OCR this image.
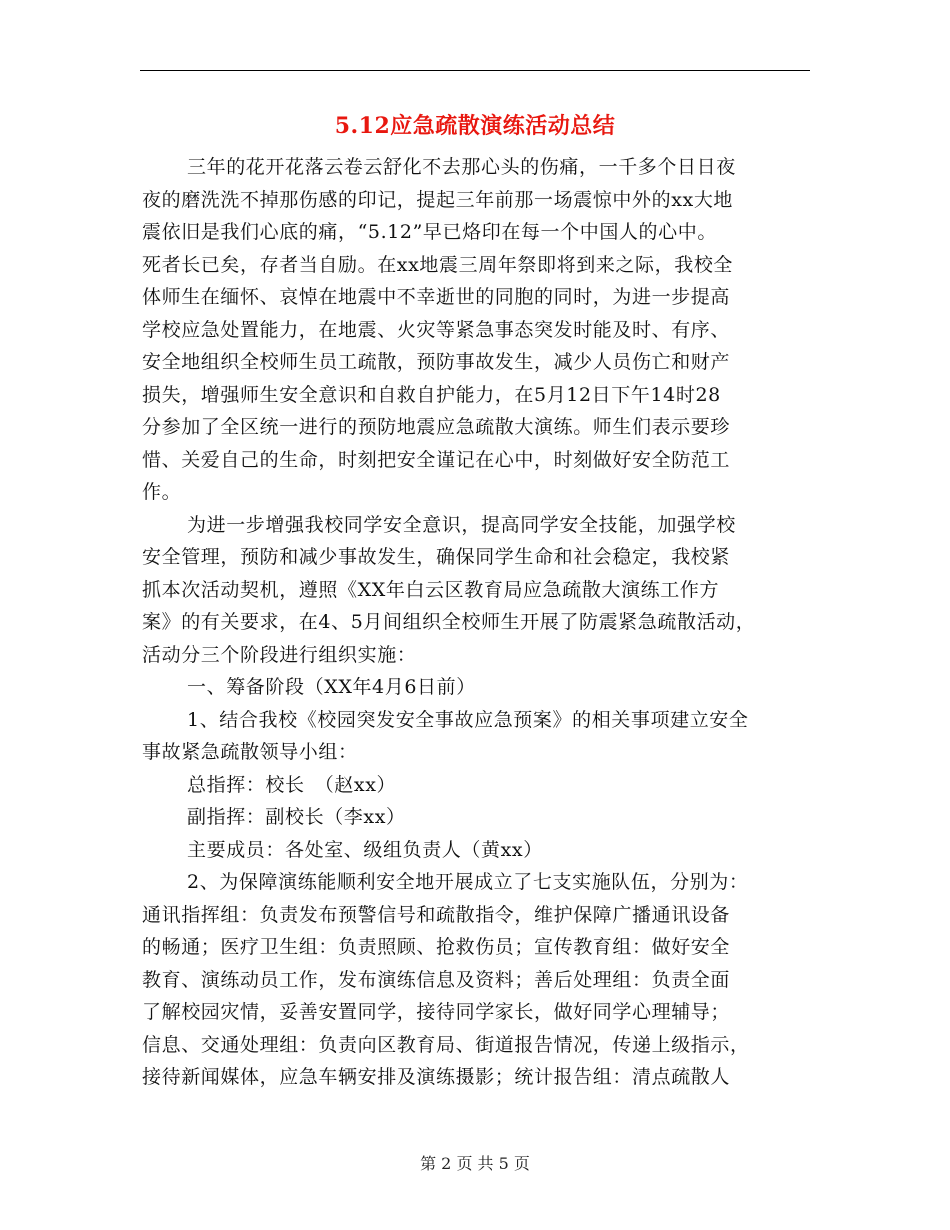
5.12应急疏散演练活动总结
三年的花开花落云卷云舒化不去那心头的伤痛，一千多个日日夜
夜的磨洗洗不掉那伤感的印记，提起三年前那一场震惊中外的xx大地
震依旧是我们心底的痛，“5.12”早已烙印在每一个中国人的心中。
死者长已矣，存者当自励。在xx地震三周年祭即将到来之际，我校全
体师生在缅怀、哀悼在地震中不幸逝世的同胞的同时，为进一步提高
学校应急处置能力，在地震、火灾等紧急事态突发时能及时、有序、
安全地组织全校师生员工疏散，预防事故发生，减少人员伤亡和财产
损失，增强师生安全意识和自救自护能力，在5月12日下午14时28
分参加了全区统一进行的预防地震应急疏散大演练。师生们表示要珍
惜、关爱自己的生命，时刻把安全谨记在心中，时刻做好安全防范工
作。
为进一步增强我校同学安全意识，提高同学安全技能，加强学校
安全管理，预防和减少事故发生，确保同学生命和社会稳定，我校紧
抓本次活动契机，遵照《XX年白云区教育局应急疏散大演练工作方
案》的有关要求，在4、5月间组织全校师生开展了防震紧急疏散活动，
活动分三个阶段进行组织实施：
一、筹备阶段（XX年4月6日前）
1、结合我校《校园突发安全事故应急预案》的相关事项建立安全
事故紧急疏散领导小组：
总指挥：校长　（赵xx）
副指挥：副校长（李xx）
主要成员：各处室、级组负责人（黄xx）
2、为保障演练能顺利安全地开展成立了七支实施队伍，分别为：
通讯指挥组：负责发布预警信号和疏散指令，维护保障广播通讯设备
的畅通；医疗卫生组：负责照顾、抢救伤员；宣传教育组：做好安全
教育、演练动员工作，发布演练信息及资料；善后处理组：负责全面
了解校园灾情，妥善安置同学，接待同学家长，做好同学心理辅导；
信息、交通处理组：负责向区教育局、街道报告情况，传递上级指示，
接待新闻媒体，应急车辆安排及演练摄影；统计报告组：清点疏散人
第 2 页 共 5 页
